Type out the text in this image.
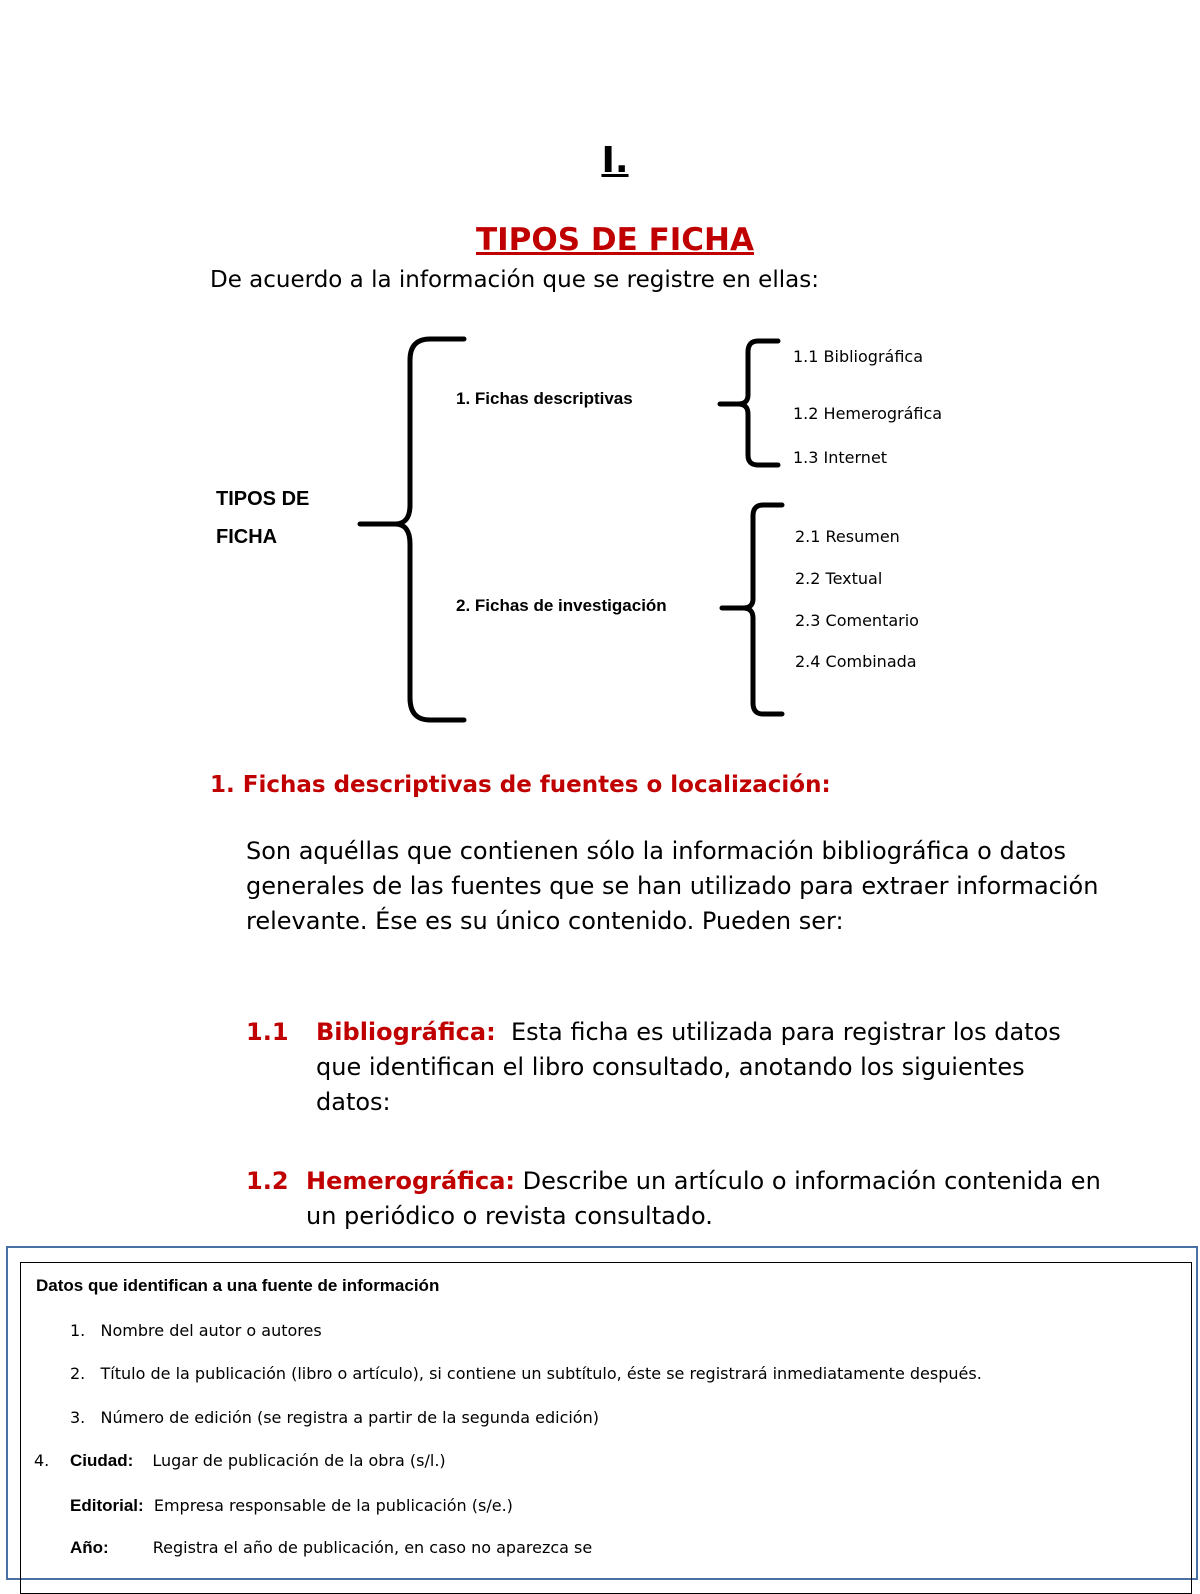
I.
TIPOS DE FICHA
De acuerdo a la información que se registre en ellas:
TIPOS DE
FICHA
1. Fichas descriptivas
2. Fichas de investigación
1.1 Bibliográfica
1.2 Hemerográfica
1.3 Internet
2.1 Resumen
2.2 Textual
2.3 Comentario
2.4 Combinada
1. Fichas descriptivas de fuentes o localización:
Son aquéllas que contienen sólo la información bibliográfica o datos generales de las fuentes que se han utilizado para extraer información relevante. Ése es su único contenido. Pueden ser:
1.1	Bibliográfica: Esta ficha es utilizada para registrar los datos que identifican el libro consultado, anotando los siguientes datos:
1.2 Hemerográfica: Describe un artículo o información contenida en un periódico o revista consultado.
Datos que identifican a una fuente de información
1. Nombre del autor o autores
2. Título de la publicación (libro o artículo), si contiene un subtítulo, éste se registrará inmediatamente después.
3. Número de edición (se registra a partir de la segunda edición)
4. Ciudad: Lugar de publicación de la obra (s/l.)
Editorial: Empresa responsable de la publicación (s/e.)
Año:	Registra el año de publicación, en caso no aparezca se
